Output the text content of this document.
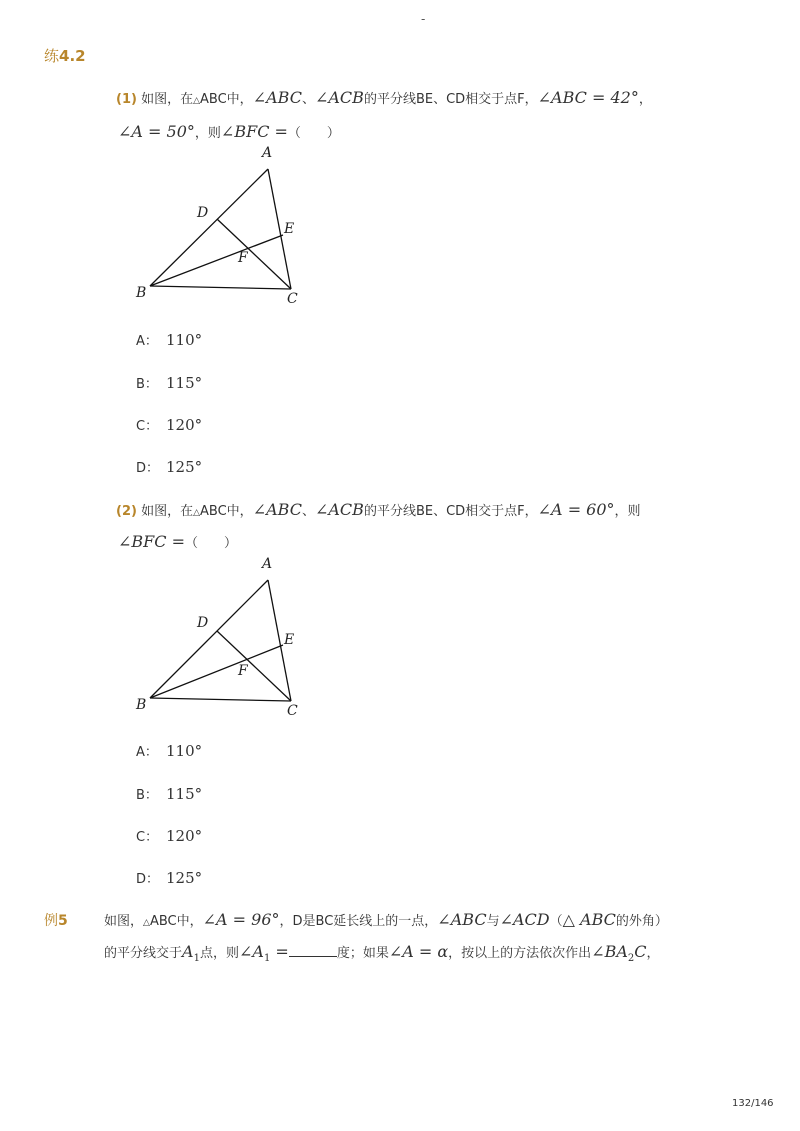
-
练4.2
(1) 如图，在△ABC中，∠ABC、∠ACB的平分线BE、CD相交于点F，∠ABC = 42°，
∠A = 50°，则∠BFC =（　　）
A
B	C
D
E
F
A： 110°
B： 115°
C： 120°
D： 125°
(2) 如图，在△ABC中，∠ABC、∠ACB的平分线BE、CD相交于点F，∠A = 60°，则
∠BFC =（　　）
A
B	C
D
E
F
A： 110°
B： 115°
C： 120°
D： 125°
例5	如图，△ABC中，∠A = 96°，D是BC延长线上的一点，∠ABC与∠ACD（△ ABC的外角）
的平分线交于$A_1$点，则$\angle A_1$ =	度；如果∠A = α，按以上的方法依次作出$\angle BA_2C$，
132/146
